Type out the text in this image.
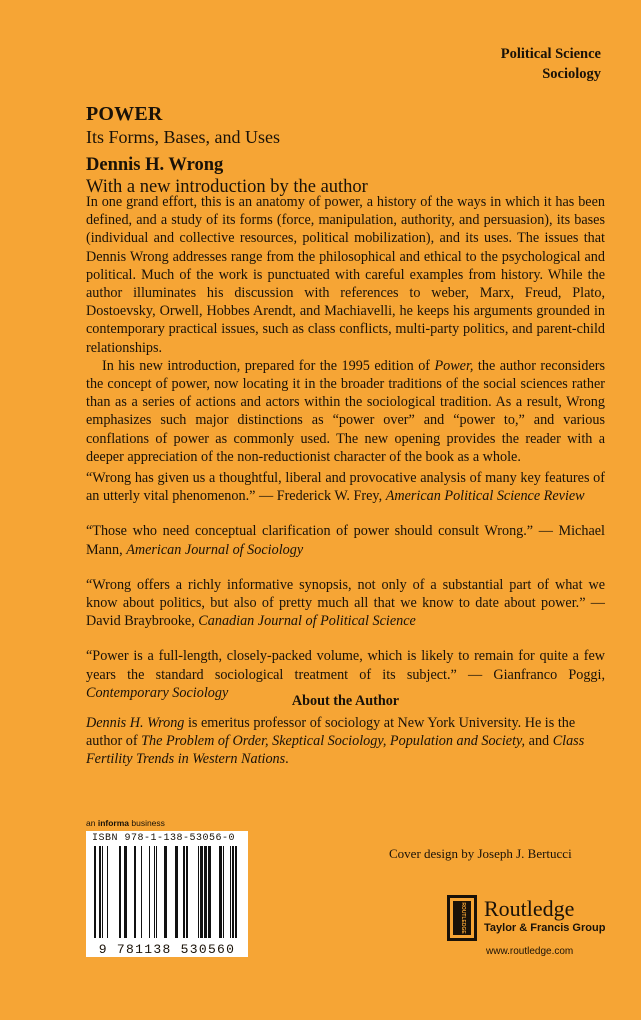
Political Science
Sociology
POWER
Its Forms, Bases, and Uses
Dennis H. Wrong
With a new introduction by the author

In one grand effort, this is an anatomy of power, a history of the ways in which it has been defined, and a study of its forms (force, manipulation, authority, and persuasion), its bases (individual and collective resources, political mobilization), and its uses. The issues that Dennis Wrong addresses range from the philosophical and ethical to the psychological and political. Much of the work is punctuated with careful examples from history. While the author illuminates his discussion with references to weber, Marx, Freud, Plato, Dostoevsky, Orwell, Hobbes Arendt, and Machiavelli, he keeps his arguments grounded in contemporary practical issues, such as class conflicts, multi-party politics, and parent-child relationships.

In his new introduction, prepared for the 1995 edition of Power, the author reconsiders the concept of power, now locating it in the broader traditions of the social sciences rather than as a series of actions and actors within the sociological tradition. As a result, Wrong emphasizes such major distinctions as “power over” and “power to,” and various conflations of power as commonly used. The new opening provides the reader with a deeper appreciation of the non-reductionist character of the book as a whole.

“Wrong has given us a thoughtful, liberal and provocative analysis of many key features of an utterly vital phenomenon.” — Frederick W. Frey, American Political Science Review

“Those who need conceptual clarification of power should consult Wrong.” — Michael Mann, American Journal of Sociology

“Wrong offers a richly informative synopsis, not only of a substantial part of what we know about politics, but also of pretty much all that we know to date about power.” — David Braybrooke, Canadian Journal of Political Science

“Power is a full-length, closely-packed volume, which is likely to remain for quite a few years the standard sociological treatment of its subject.” — Gianfranco Poggi, Contemporary Sociology

About the Author
Dennis H. Wrong is emeritus professor of sociology at New York University. He is the author of The Problem of Order, Skeptical Sociology, Population and Society, and Class Fertility Trends in Western Nations.
an informa business
ISBN 978-1-138-53056-0
9 781138 530560
Cover design by Joseph J. Bertucci
ROUTLEDGE Routledge
Taylor & Francis Group
www.routledge.com
